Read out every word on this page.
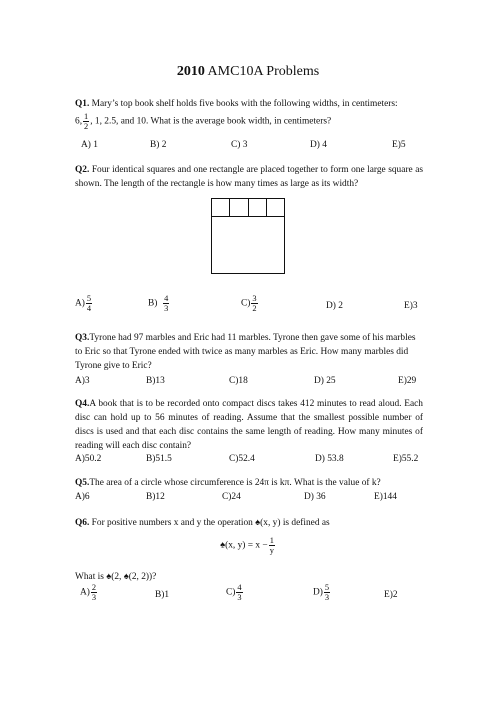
2010 AMC10A Problems
Q1. Mary’s top book shelf holds five books with the following widths, in centimeters:
6, $\frac{1}{2}$ , 1, 2.5, and 10. What is the average book width, in centimeters?
A) 1	B) 2	C) 3	D) 4	E)5
Q2. Four identical squares and one rectangle are placed together to form one large square as shown. The length of the rectangle is how many times as large as its width?
$A) \frac{5}{4}$	$B) \frac{4}{3}$	$C) \frac{3}{2}$	D) 2	E)3
Q3.Tyrone had 97 marbles and Eric had 11 marbles. Tyrone then gave some of his marbles to Eric so that Tyrone ended with twice as many marbles as Eric. How many marbles did Tyrone give to Eric?
A)3	B)13	C)18	D) 25	E)29
Q4.A book that is to be recorded onto compact discs takes 412 minutes to read aloud. Each disc can hold up to 56 minutes of reading. Assume that the smallest possible number of discs is used and that each disc contains the same length of reading. How many minutes of reading will each disc contain?
A)50.2	B)51.5	C)52.4	D) 53.8	E)55.2
Q5.The area of a circle whose circumference is 24π is kπ. What is the value of k?
A)6	B)12	C)24	D) 36	E)144
Q6. For positive numbers x and y the operation ♠(x, y) is defined as
♠(x, $y) = x - \frac{1}{y}$
What is ♠(2, ♠(2, 2))?
$A) \frac{2}{3}$	B)1	$C) \frac{4}{3}$	$D) \frac{5}{3}$	E)2
